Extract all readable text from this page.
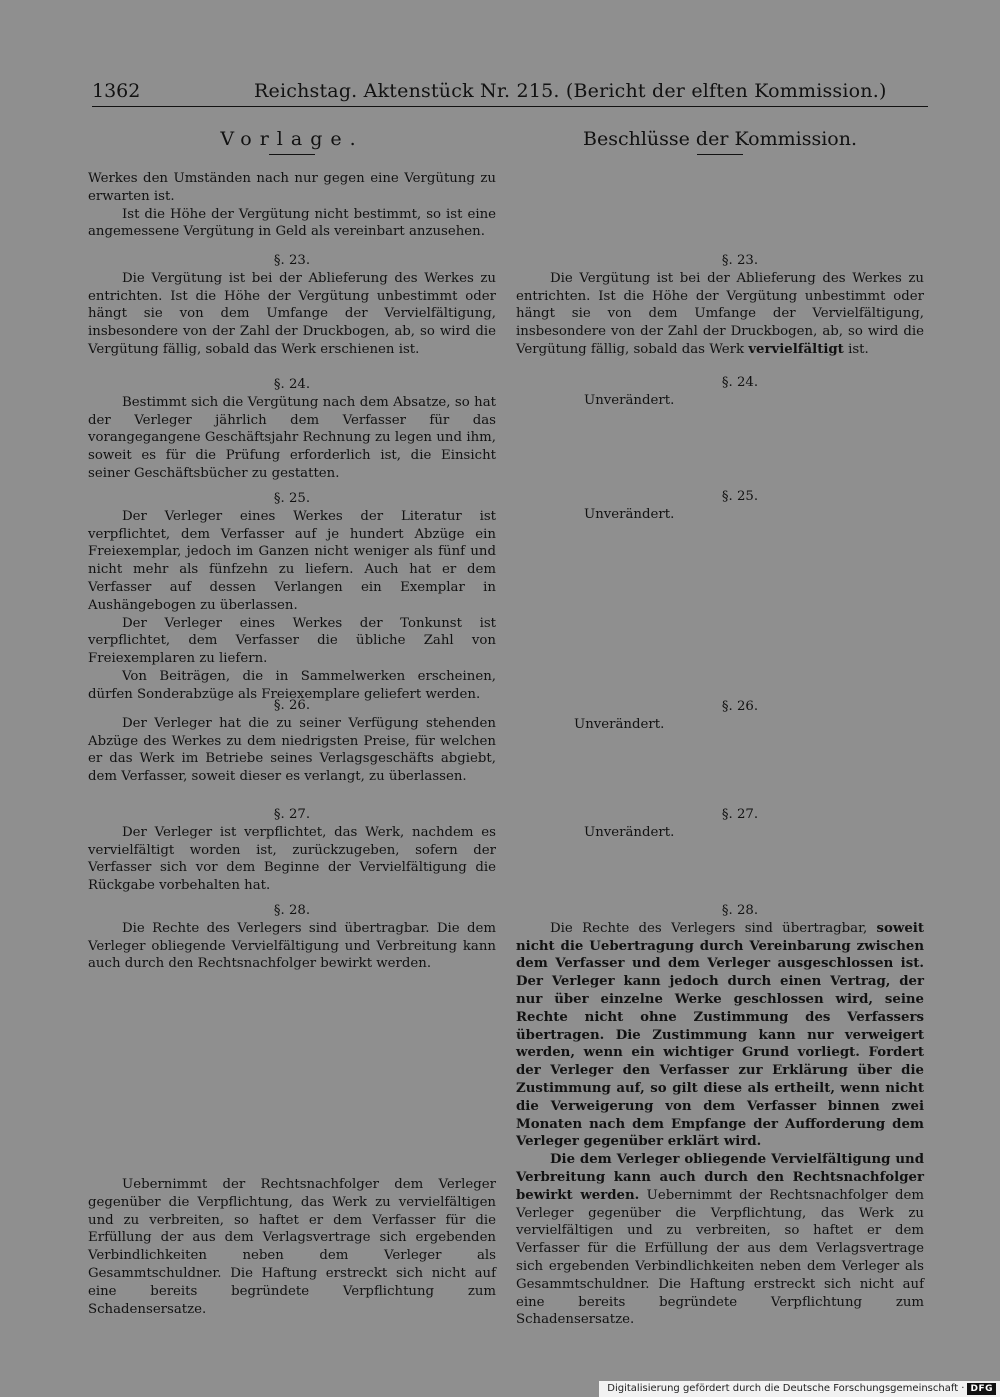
1362	Reichstag. Aktenstück Nr. 215. (Bericht der elften Kommission.)
Vorlage.	Beschlüsse der Kommission.

Werkes den Umständen nach nur gegen eine Vergütung zu erwarten ist.

Ist die Höhe der Vergütung nicht bestimmt, so ist eine angemessene Vergütung in Geld als vereinbart anzusehen.

§. 23.

Die Vergütung ist bei der Ablieferung des Werkes zu entrichten. Ist die Höhe der Vergütung unbestimmt oder hängt sie von dem Umfange der Vervielfältigung, insbesondere von der Zahl der Druckbogen, ab, so wird die Vergütung fällig, sobald das Werk erschienen ist.

§. 24.

Bestimmt sich die Vergütung nach dem Absatze, so hat der Verleger jährlich dem Verfasser für das vorangegangene Geschäftsjahr Rechnung zu legen und ihm, soweit es für die Prüfung erforderlich ist, die Einsicht seiner Geschäftsbücher zu gestatten.

§. 25.

Der Verleger eines Werkes der Literatur ist verpflichtet, dem Verfasser auf je hundert Abzüge ein Freiexemplar, jedoch im Ganzen nicht weniger als fünf und nicht mehr als fünfzehn zu liefern. Auch hat er dem Verfasser auf dessen Verlangen ein Exemplar in Aushängebogen zu überlassen.

Der Verleger eines Werkes der Tonkunst ist verpflichtet, dem Verfasser die übliche Zahl von Freiexemplaren zu liefern.

Von Beiträgen, die in Sammelwerken erscheinen, dürfen Sonderabzüge als Freiexemplare geliefert werden.

§. 26.

Der Verleger hat die zu seiner Verfügung stehenden Abzüge des Werkes zu dem niedrigsten Preise, für welchen er das Werk im Betriebe seines Verlagsgeschäfts abgiebt, dem Verfasser, soweit dieser es verlangt, zu überlassen.

§. 27.

Der Verleger ist verpflichtet, das Werk, nachdem es vervielfältigt worden ist, zurückzugeben, sofern der Verfasser sich vor dem Beginne der Vervielfältigung die Rückgabe vorbehalten hat.

§. 28.

Die Rechte des Verlegers sind übertragbar. Die dem Verleger obliegende Vervielfältigung und Verbreitung kann auch durch den Rechtsnachfolger bewirkt werden.

Uebernimmt der Rechtsnachfolger dem Verleger gegenüber die Verpflichtung, das Werk zu vervielfältigen und zu verbreiten, so haftet er dem Verfasser für die Erfüllung der aus dem Verlagsvertrage sich ergebenden Verbindlichkeiten neben dem Verleger als Gesammtschuldner. Die Haftung erstreckt sich nicht auf eine bereits begründete Verpflichtung zum Schadensersatze.

§. 23.

Die Vergütung ist bei der Ablieferung des Werkes zu entrichten. Ist die Höhe der Vergütung unbestimmt oder hängt sie von dem Umfange der Vervielfältigung, insbesondere von der Zahl der Druckbogen, ab, so wird die Vergütung fällig, sobald das Werk vervielfältigt ist.

§. 24.

Unverändert.

§. 25.

Unverändert.

§. 26.

Unverändert.

§. 27.

Unverändert.

§. 28.

Die Rechte des Verlegers sind übertragbar, soweit nicht die Uebertragung durch Vereinbarung zwischen dem Verfasser und dem Verleger ausgeschlossen ist. Der Verleger kann jedoch durch einen Vertrag, der nur über einzelne Werke geschlossen wird, seine Rechte nicht ohne Zustimmung des Verfassers übertragen. Die Zustimmung kann nur verweigert werden, wenn ein wichtiger Grund vorliegt. Fordert der Verleger den Verfasser zur Erklärung über die Zustimmung auf, so gilt diese als ertheilt, wenn nicht die Verweigerung von dem Verfasser binnen zwei Monaten nach dem Empfange der Aufforderung dem Verleger gegenüber erklärt wird.

Die dem Verleger obliegende Vervielfältigung und Verbreitung kann auch durch den Rechtsnachfolger bewirkt werden. Uebernimmt der Rechtsnachfolger dem Verleger gegenüber die Verpflichtung, das Werk zu vervielfältigen und zu verbreiten, so haftet er dem Verfasser für die Erfüllung der aus dem Verlagsvertrage sich ergebenden Verbindlichkeiten neben dem Verleger als Gesammtschuldner. Die Haftung erstreckt sich nicht auf eine bereits begründete Verpflichtung zum Schadensersatze.

Digitalisierung gefördert durch die Deutsche Forschungsgemeinschaft · DFG
